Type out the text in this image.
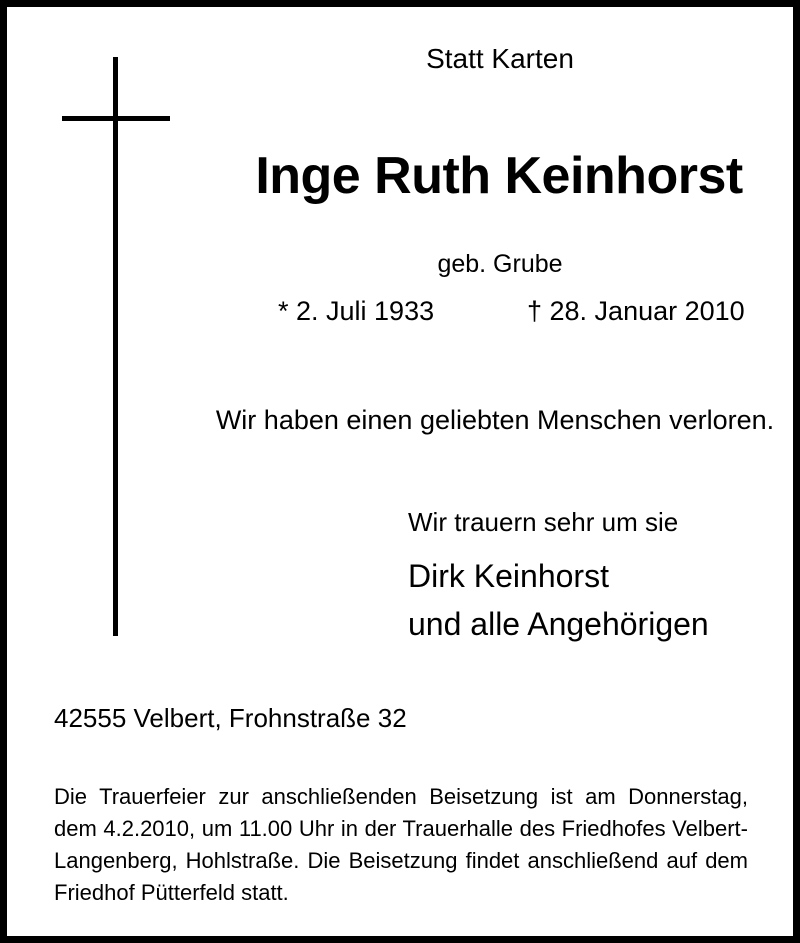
Statt Karten
Inge Ruth Keinhorst
geb. Grube
* 2. Juli 1933	† 28. Januar 2010
Wir haben einen geliebten Menschen verloren.
Wir trauern sehr um sie
Dirk Keinhorst
und alle Angehörigen
42555 Velbert, Frohnstraße 32
Die Trauerfeier zur anschließenden Beisetzung ist am Donnerstag, dem 4.2.2010, um 11.00 Uhr in der Trauerhalle des Friedhofes Velbert-Langenberg, Hohlstraße. Die Beisetzung findet anschließend auf dem Friedhof Pütterfeld statt.
